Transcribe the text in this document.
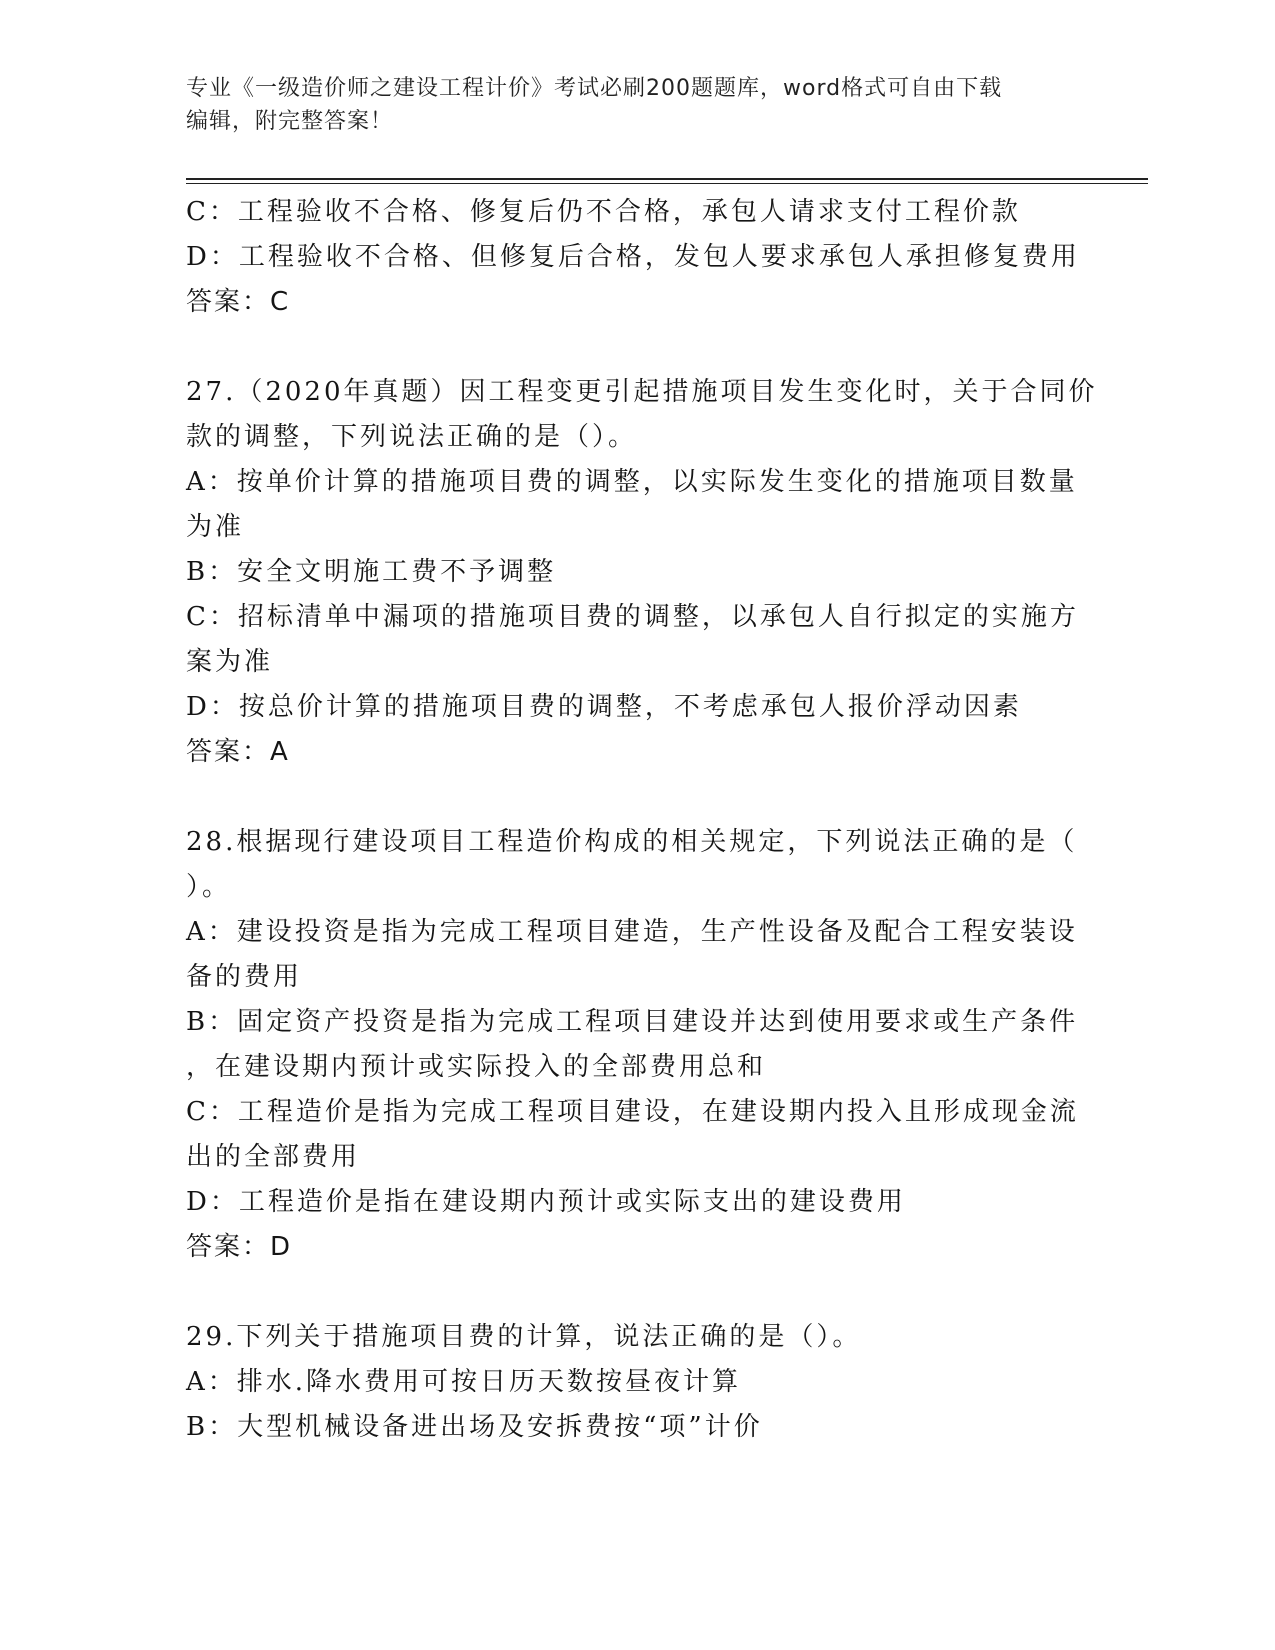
专业《一级造价师之建设工程计价》考试必刷200题题库，word格式可自由下载
编辑，附完整答案！
C：工程验收不合格、修复后仍不合格，承包人请求支付工程价款
D：工程验收不合格、但修复后合格，发包人要求承包人承担修复费用
答案：C
27.（2020年真题）因工程变更引起措施项目发生变化时，关于合同价
款的调整，下列说法正确的是（）。
A：按单价计算的措施项目费的调整，以实际发生变化的措施项目数量
为准
B：安全文明施工费不予调整
C：招标清单中漏项的措施项目费的调整，以承包人自行拟定的实施方
案为准
D：按总价计算的措施项目费的调整，不考虑承包人报价浮动因素
答案：A
28.根据现行建设项目工程造价构成的相关规定，下列说法正确的是（
）。
A：建设投资是指为完成工程项目建造，生产性设备及配合工程安装设
备的费用
B：固定资产投资是指为完成工程项目建设并达到使用要求或生产条件
，在建设期内预计或实际投入的全部费用总和
C：工程造价是指为完成工程项目建设，在建设期内投入且形成现金流
出的全部费用
D：工程造价是指在建设期内预计或实际支出的建设费用
答案：D
29.下列关于措施项目费的计算，说法正确的是（）。
A：排水.降水费用可按日历天数按昼夜计算
B：大型机械设备进出场及安拆费按“项”计价
